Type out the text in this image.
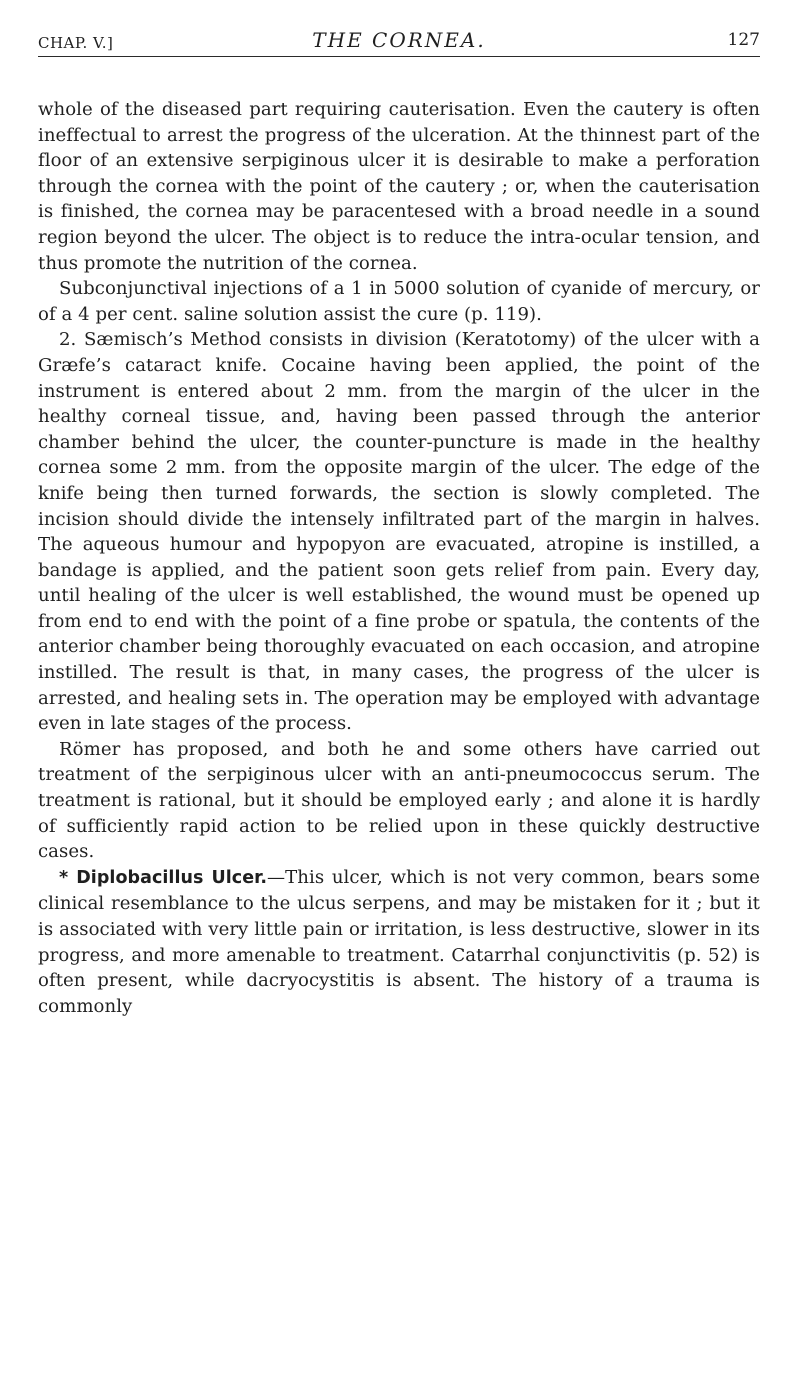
CHAP. V.]	THE CORNEA.	127

whole of the diseased part requiring cauterisation. Even the cautery is often ineffectual to arrest the progress of the ulceration. At the thinnest part of the floor of an extensive serpiginous ulcer it is desirable to make a perforation through the cornea with the point of the cautery ; or, when the cauterisation is finished, the cornea may be paracentesed with a broad needle in a sound region beyond the ulcer. The object is to reduce the intra-ocular tension, and thus promote the nutrition of the cornea.

Subconjunctival injections of a 1 in 5000 solution of cyanide of mercury, or of a 4 per cent. saline solution assist the cure (p. 119).

2. Sæmisch’s Method consists in division (Keratotomy) of the ulcer with a Græfe’s cataract knife. Cocaine having been applied, the point of the instrument is entered about 2 mm. from the margin of the ulcer in the healthy corneal tissue, and, having been passed through the anterior chamber behind the ulcer, the counter-puncture is made in the healthy cornea some 2 mm. from the opposite margin of the ulcer. The edge of the knife being then turned forwards, the section is slowly completed. The incision should divide the intensely infiltrated part of the margin in halves. The aqueous humour and hypopyon are evacuated, atropine is instilled, a bandage is applied, and the patient soon gets relief from pain. Every day, until healing of the ulcer is well established, the wound must be opened up from end to end with the point of a fine probe or spatula, the contents of the anterior chamber being thoroughly evacuated on each occasion, and atropine instilled. The result is that, in many cases, the progress of the ulcer is arrested, and healing sets in. The operation may be employed with advantage even in late stages of the process.

Römer has proposed, and both he and some others have carried out treatment of the serpiginous ulcer with an anti-pneumococcus serum. The treatment is rational, but it should be employed early ; and alone it is hardly of sufficiently rapid action to be relied upon in these quickly destructive cases.

* Diplobacillus Ulcer.—This ulcer, which is not very common, bears some clinical resemblance to the ulcus serpens, and may be mistaken for it ; but it is associated with very little pain or irritation, is less destructive, slower in its progress, and more amenable to treatment. Catarrhal conjunctivitis (p. 52) is often present, while dacryocystitis is absent. The history of a trauma is commonly
